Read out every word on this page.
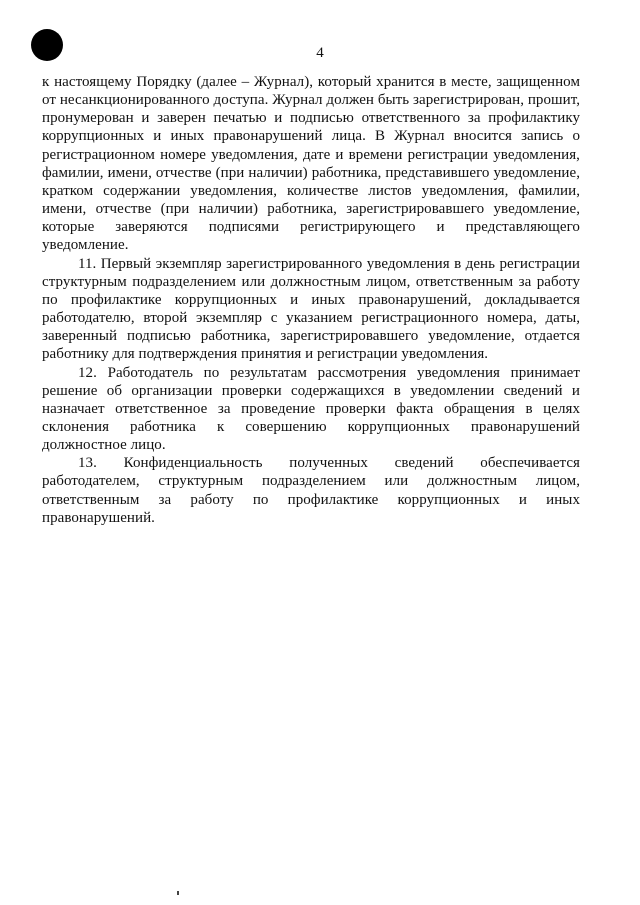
4

к настоящему Порядку (далее – Журнал), который хранится в месте, защищенном от несанкционированного доступа. Журнал должен быть зарегистрирован, прошит, пронумерован и заверен печатью и подписью ответственного за профилактику коррупционных и иных правонарушений лица. В Журнал вносится запись о регистрационном номере уведомления, дате и времени регистрации уведомления, фамилии, имени, отчестве (при наличии) работника, представившего уведомление, кратком содержании уведомления, количестве листов уведомления, фамилии, имени, отчестве (при наличии) работника, зарегистрировавшего уведомление, которые заверяются подписями регистрирующего и представляющего уведомление.

11. Первый экземпляр зарегистрированного уведомления в день регистрации структурным подразделением или должностным лицом, ответственным за работу по профилактике коррупционных и иных правонарушений, докладывается работодателю, второй экземпляр с указанием регистрационного номера, даты, заверенный подписью работника, зарегистрировавшего уведомление, отдается работнику для подтверждения принятия и регистрации уведомления.

12. Работодатель по результатам рассмотрения уведомления принимает решение об организации проверки содержащихся в уведомлении сведений и назначает ответственное за проведение проверки факта обращения в целях склонения работника к совершению коррупционных правонарушений должностное лицо.

13. Конфиденциальность полученных сведений обеспечивается работодателем, структурным подразделением или должностным лицом, ответственным за работу по профилактике коррупционных и иных правонарушений.
